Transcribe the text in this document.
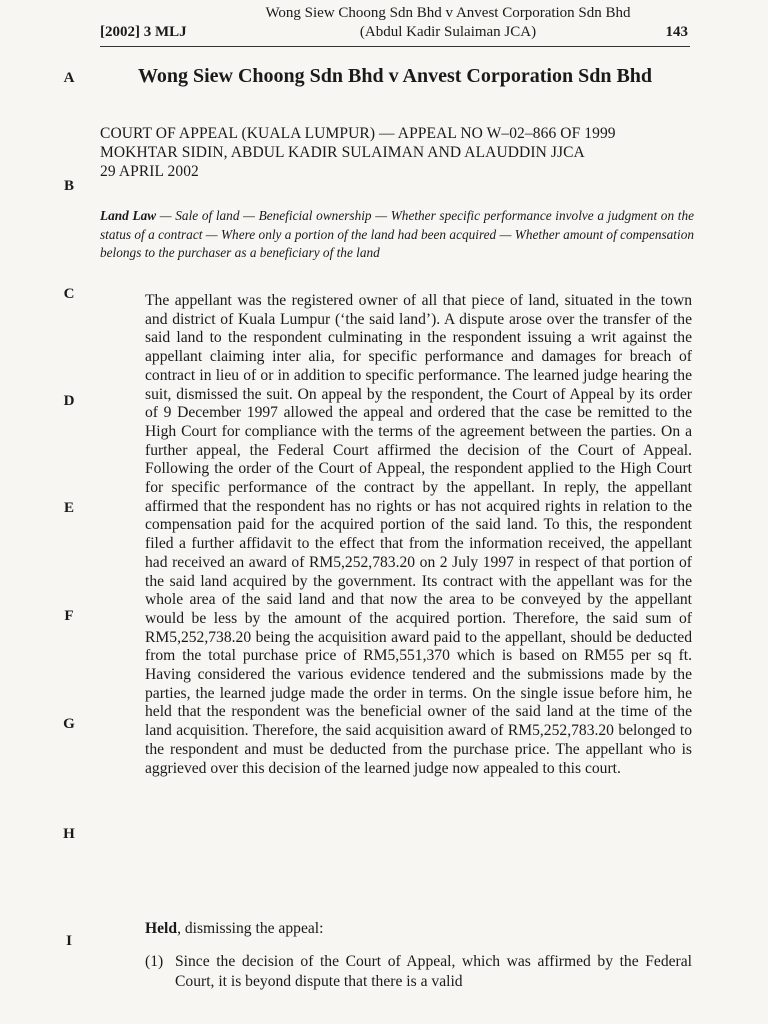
[2002] 3 MLJ
Wong Siew Choong Sdn Bhd v Anvest Corporation Sdn Bhd (Abdul Kadir Sulaiman JCA)	143
A
B
C
D
E
F
G
H
I
Wong Siew Choong Sdn Bhd v Anvest Corporation Sdn Bhd
COURT OF APPEAL (KUALA LUMPUR) — APPEAL NO W–02–866 OF 1999
MOKHTAR SIDIN, ABDUL KADIR SULAIMAN AND ALAUDDIN JJCA
29 APRIL 2002
Land Law — Sale of land — Beneficial ownership — Whether specific performance involve a judgment on the status of a contract — Where only a portion of the land had been acquired — Whether amount of compensation belongs to the purchaser as a beneficiary of the land
The appellant was the registered owner of all that piece of land, situated in the town and district of Kuala Lumpur (‘the said land’). A dispute arose over the transfer of the said land to the respondent culminating in the respondent issuing a writ against the appellant claiming inter alia, for specific performance and damages for breach of contract in lieu of or in addition to specific performance. The learned judge hearing the suit, dismissed the suit. On appeal by the respondent, the Court of Appeal by its order of 9 December 1997 allowed the appeal and ordered that the case be remitted to the High Court for compliance with the terms of the agreement between the parties. On a further appeal, the Federal Court affirmed the decision of the Court of Appeal. Following the order of the Court of Appeal, the respondent applied to the High Court for specific performance of the contract by the appellant. In reply, the appellant affirmed that the respondent has no rights or has not acquired rights in relation to the compensation paid for the acquired portion of the said land. To this, the respondent filed a further affidavit to the effect that from the information received, the appellant had received an award of RM5,252,783.20 on 2 July 1997 in respect of that portion of the said land acquired by the government. Its contract with the appellant was for the whole area of the said land and that now the area to be conveyed by the appellant would be less by the amount of the acquired portion. Therefore, the said sum of RM5,252,738.20 being the acquisition award paid to the appellant, should be deducted from the total purchase price of RM5,551,370 which is based on RM55 per sq ft. Having considered the various evidence tendered and the submissions made by the parties, the learned judge made the order in terms. On the single issue before him, he held that the respondent was the beneficial owner of the said land at the time of the land acquisition. Therefore, the said acquisition award of RM5,252,783.20 belonged to the respondent and must be deducted from the purchase price. The appellant who is aggrieved over this decision of the learned judge now appealed to this court.
Held, dismissing the appeal:
(1) Since the decision of the Court of Appeal, which was affirmed by the Federal Court, it is beyond dispute that there is a valid
